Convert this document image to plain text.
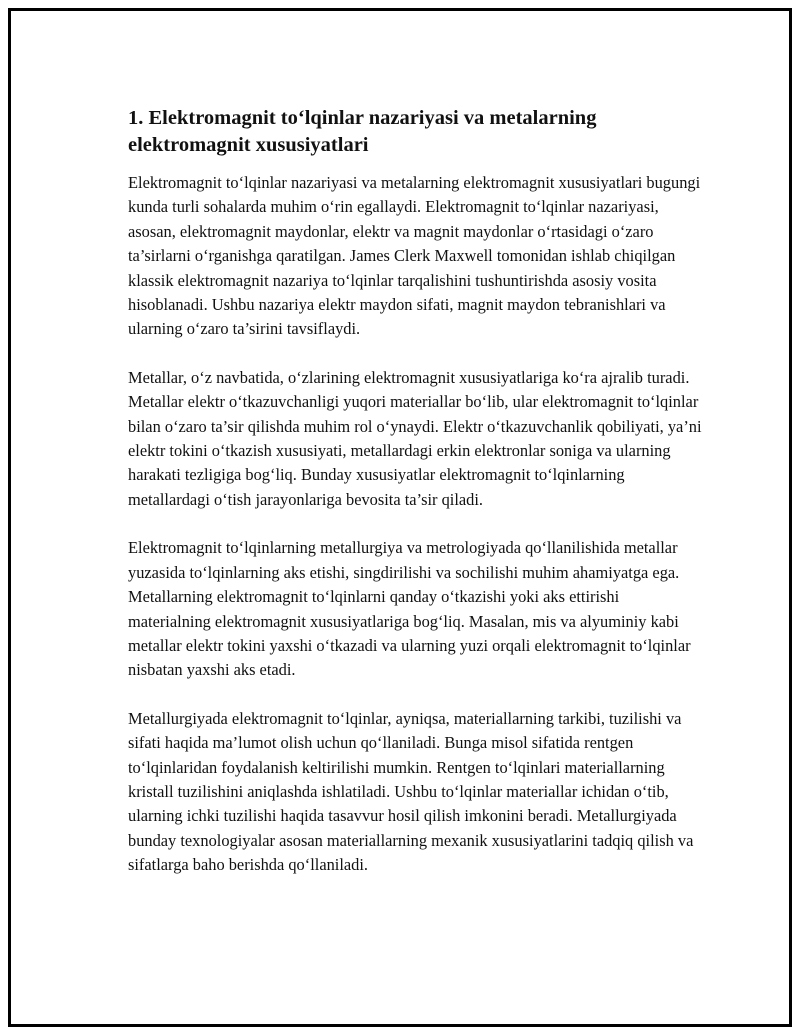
1. Elektromagnit to‘lqinlar nazariyasi va metalarning elektromagnit xususiyatlari

Elektromagnit to‘lqinlar nazariyasi va metalarning elektromagnit xususiyatlari bugungi kunda turli sohalarda muhim o‘rin egallaydi. Elektromagnit to‘lqinlar nazariyasi, asosan, elektromagnit maydonlar, elektr va magnit maydonlar o‘rtasidagi o‘zaro ta’sirlarni o‘rganishga qaratilgan. James Clerk Maxwell tomonidan ishlab chiqilgan klassik elektromagnit nazariya to‘lqinlar tarqalishini tushuntirishda asosiy vosita hisoblanadi. Ushbu nazariya elektr maydon sifati, magnit maydon tebranishlari va ularning o‘zaro ta’sirini tavsiflaydi.

Metallar, o‘z navbatida, o‘zlarining elektromagnit xususiyatlariga ko‘ra ajralib turadi. Metallar elektr o‘tkazuvchanligi yuqori materiallar bo‘lib, ular elektromagnit to‘lqinlar bilan o‘zaro ta’sir qilishda muhim rol o‘ynaydi. Elektr o‘tkazuvchanlik qobiliyati, ya’ni elektr tokini o‘tkazish xususiyati, metallardagi erkin elektronlar soniga va ularning harakati tezligiga bog‘liq. Bunday xususiyatlar elektromagnit to‘lqinlarning metallardagi o‘tish jarayonlariga bevosita ta’sir qiladi.

Elektromagnit to‘lqinlarning metallurgiya va metrologiyada qo‘llanilishida metallar yuzasida to‘lqinlarning aks etishi, singdirilishi va sochilishi muhim ahamiyatga ega. Metallarning elektromagnit to‘lqinlarni qanday o‘tkazishi yoki aks ettirishi materialning elektromagnit xususiyatlariga bog‘liq. Masalan, mis va alyuminiy kabi metallar elektr tokini yaxshi o‘tkazadi va ularning yuzi orqali elektromagnit to‘lqinlar nisbatan yaxshi aks etadi.

Metallurgiyada elektromagnit to‘lqinlar, ayniqsa, materiallarning tarkibi, tuzilishi va sifati haqida ma’lumot olish uchun qo‘llaniladi. Bunga misol sifatida rentgen to‘lqinlaridan foydalanish keltirilishi mumkin. Rentgen to‘lqinlari materiallarning kristall tuzilishini aniqlashda ishlatiladi. Ushbu to‘lqinlar materiallar ichidan o‘tib, ularning ichki tuzilishi haqida tasavvur hosil qilish imkonini beradi. Metallurgiyada bunday texnologiyalar asosan materiallarning mexanik xususiyatlarini tadqiq qilish va sifatlarga baho berishda qo‘llaniladi.
